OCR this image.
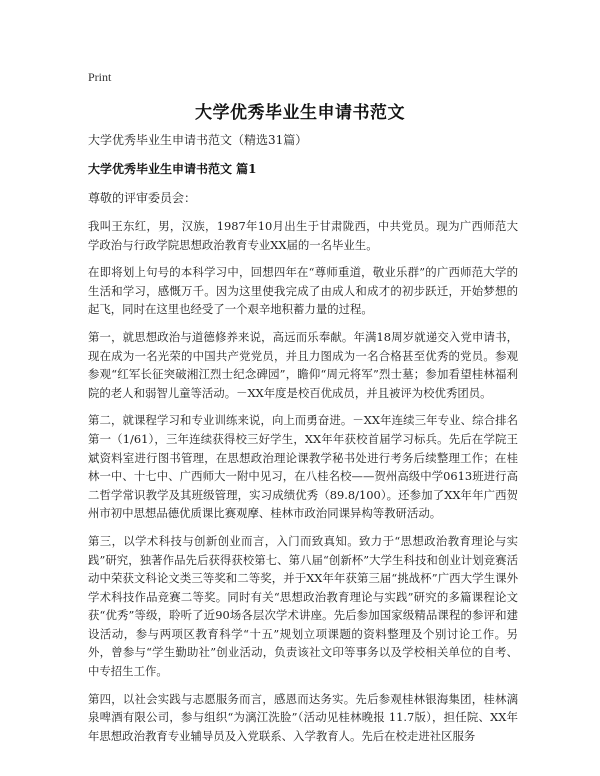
Print
大学优秀毕业生申请书范文

大学优秀毕业生申请书范文（精选31篇）

大学优秀毕业生申请书范文 篇1

尊敬的评审委员会：

我叫王东红，男，汉族，1987年10月出生于甘肃陇西，中共党员。现为广西师范大学政治与行政学院思想政治教育专业XX届的一名毕业生。

在即将划上句号的本科学习中，回想四年在“尊师重道，敬业乐群”的广西师范大学的生活和学习，感慨万千。因为这里使我完成了由成人和成才的初步跃迁，开始梦想的起飞，同时在这里也经受了一个艰辛地积蓄力量的过程。

第一，就思想政治与道德修养来说，高远而乐奉献。年满18周岁就递交入党申请书，现在成为一名光荣的中国共产党党员，并且力图成为一名合格甚至优秀的党员。参观参观“红军长征突破湘江烈士纪念碑园”，瞻仰“周元将军”烈士墓；参加看望桂林福利院的老人和弱智儿童等活动。－XX年度是校百优成员，并且被评为校优秀团员。

第二，就课程学习和专业训练来说，向上而勇奋进。－XX年连续三年专业、综合排名第一（1/61），三年连续获得校三好学生，XX年年获校首届学习标兵。先后在学院王斌资料室进行图书管理，在思想政治理论课教学秘书处进行考务后续整理工作；在桂林一中、十七中、广西师大一附中见习，在八桂名校——贺州高级中学0613班进行高二哲学常识教学及其班级管理，实习成绩优秀（89.8/100）。还参加了XX年年广西贺州市初中思想品德优质课比赛观摩、桂林市政治同课异构等教研活动。

第三，以学术科技与创新创业而言，入门而致真知。致力于“思想政治教育理论与实践”研究，独著作品先后获得获校第七、第八届“创新杯”大学生科技和创业计划竞赛活动中荣获文科论文类三等奖和二等奖，并于XX年年获第三届“挑战杯”广西大学生课外学术科技作品竞赛二等奖。同时有关“思想政治教育理论与实践”研究的多篇课程论文获“优秀”等级，聆听了近90场各层次学术讲座。先后参加国家级精品课程的参评和建设活动，参与两项区教育科学“十五”规划立项课题的资料整理及个别讨论工作。另外，曾参与“学生勤助社”创业活动，负责该社文印等事务以及学校相关单位的自考、中专招生工作。

第四，以社会实践与志愿服务而言，感恩而达务实。先后参观桂林银海集团，桂林漓泉啤酒有限公司，参与组织“为漓江洗脸”（活动见桂林晚报 11.7版），担任院、XX年年思想政治教育专业辅导员及入党联系、入学教育人。先后在校走进社区服务
